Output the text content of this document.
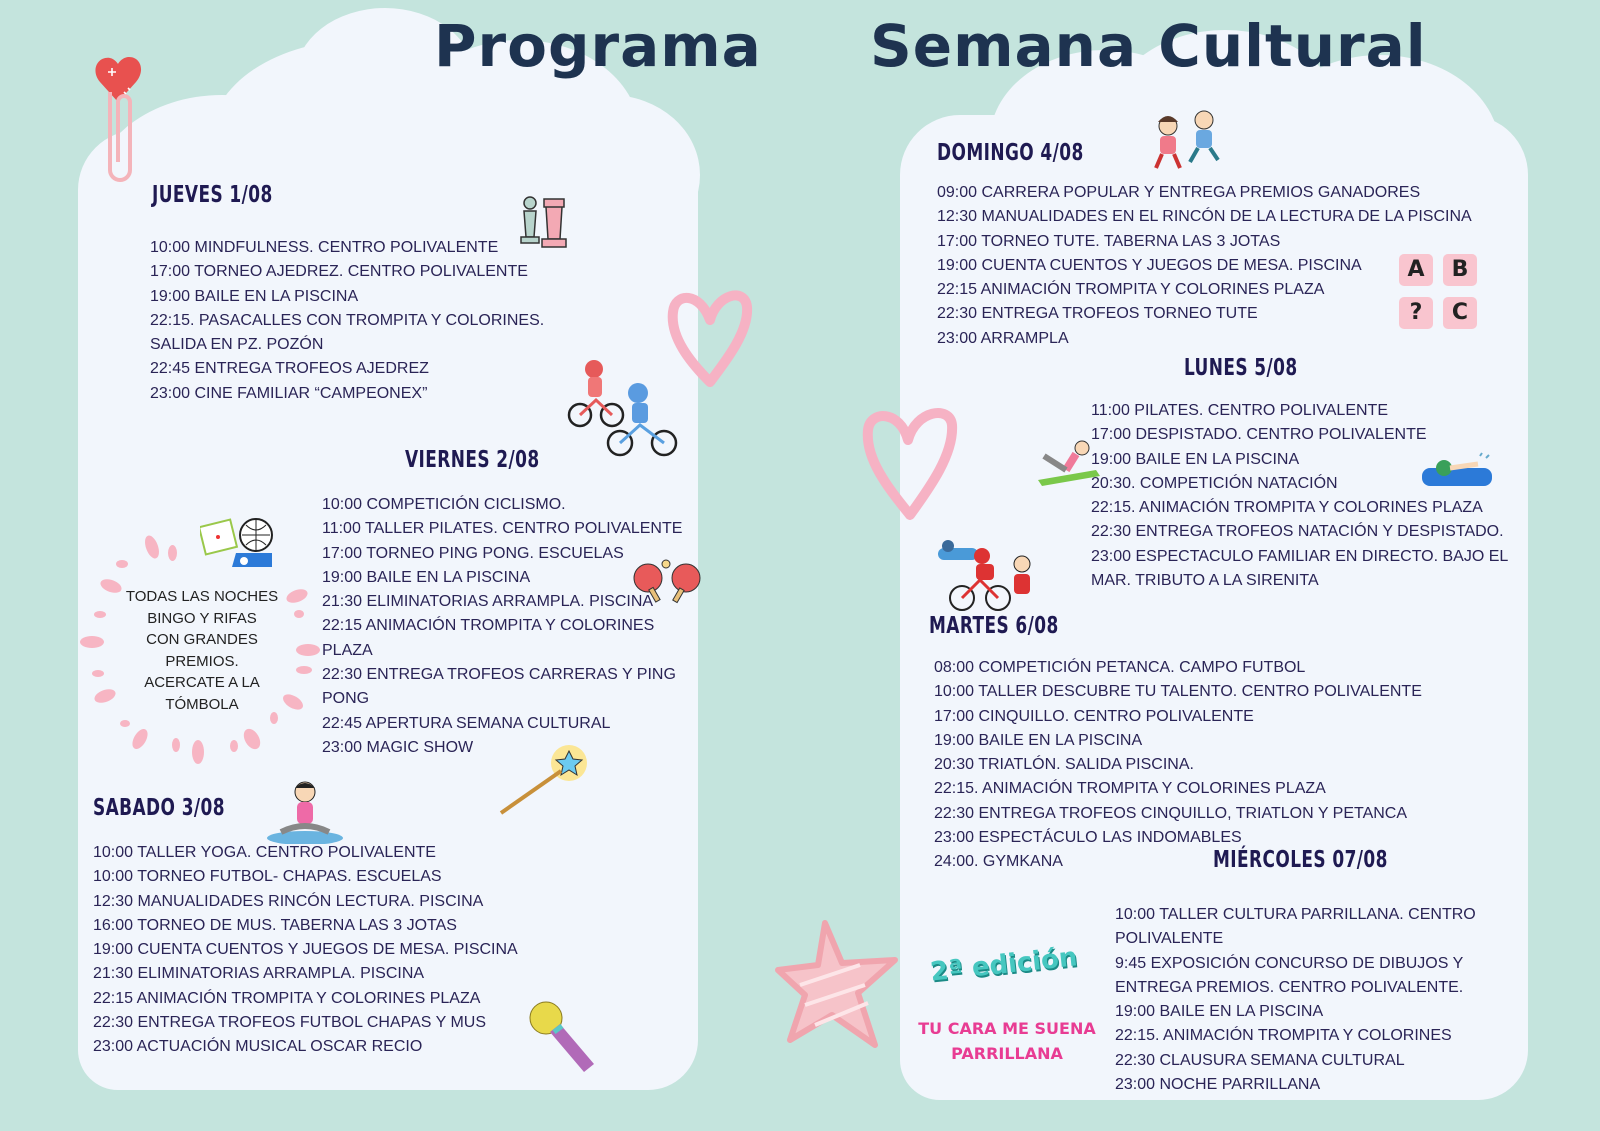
Programa Semana Cultural
JUEVES 1/08
10:00 MINDFULNESS. CENTRO POLIVALENTE
17:00 TORNEO AJEDREZ. CENTRO POLIVALENTE
19:00 BAILE EN LA PISCINA
22:15. PASACALLES CON TROMPITA Y COLORINES.
SALIDA EN PZ. POZÓN
22:45 ENTREGA TROFEOS AJEDREZ
23:00 CINE FAMILIAR “CAMPEONEX”
VIERNES 2/08
10:00 COMPETICIÓN CICLISMO.
11:00 TALLER PILATES. CENTRO POLIVALENTE
17:00 TORNEO PING PONG. ESCUELAS
19:00 BAILE EN LA PISCINA
21:30 ELIMINATORIAS ARRAMPLA. PISCINA
22:15 ANIMACIÓN TROMPITA Y COLORINES
PLAZA
22:30 ENTREGA TROFEOS CARRERAS Y PING
PONG
22:45 APERTURA SEMANA CULTURAL
23:00 MAGIC SHOW
TODAS LAS NOCHES
BINGO Y RIFAS
CON GRANDES
PREMIOS.
ACERCATE A LA
TÓMBOLA
SABADO 3/08
10:00 TALLER YOGA. CENTRO POLIVALENTE
10:00 TORNEO FUTBOL- CHAPAS. ESCUELAS
12:30 MANUALIDADES RINCÓN LECTURA. PISCINA
16:00 TORNEO DE MUS. TABERNA LAS 3 JOTAS
19:00 CUENTA CUENTOS Y JUEGOS DE MESA. PISCINA
21:30 ELIMINATORIAS ARRAMPLA. PISCINA
22:15 ANIMACIÓN TROMPITA Y COLORINES PLAZA
22:30 ENTREGA TROFEOS FUTBOL CHAPAS Y MUS
23:00 ACTUACIÓN MUSICAL OSCAR RECIO
DOMINGO 4/08
09:00 CARRERA POPULAR Y ENTREGA PREMIOS GANADORES
12:30 MANUALIDADES EN EL RINCÓN DE LA LECTURA DE LA PISCINA
17:00 TORNEO TUTE. TABERNA LAS 3 JOTAS
19:00 CUENTA CUENTOS Y JUEGOS DE MESA. PISCINA
22:15 ANIMACIÓN TROMPITA Y COLORINES PLAZA
22:30 ENTREGA TROFEOS TORNEO TUTE
23:00 ARRAMPLA
A	B
?	C
LUNES 5/08
11:00 PILATES. CENTRO POLIVALENTE
17:00 DESPISTADO. CENTRO POLIVALENTE
19:00 BAILE EN LA PISCINA
20:30. COMPETICIÓN NATACIÓN
22:15. ANIMACIÓN TROMPITA Y COLORINES PLAZA
22:30 ENTREGA TROFEOS NATACIÓN Y DESPISTADO.
23:00 ESPECTACULO FAMILIAR EN DIRECTO. BAJO EL
MAR. TRIBUTO A LA SIRENITA
MARTES 6/08
08:00 COMPETICIÓN PETANCA. CAMPO FUTBOL
10:00 TALLER DESCUBRE TU TALENTO. CENTRO POLIVALENTE
17:00 CINQUILLO. CENTRO POLIVALENTE
19:00 BAILE EN LA PISCINA
20:30 TRIATLÓN. SALIDA PISCINA.
22:15. ANIMACIÓN TROMPITA Y COLORINES PLAZA
22:30 ENTREGA TROFEOS CINQUILLO, TRIATLON Y PETANCA
23:00 ESPECTÁCULO LAS INDOMABLES
24:00. GYMKANA	MIÉRCOLES 07/08
10:00 TALLER CULTURA PARRILLANA. CENTRO
POLIVALENTE
9:45 EXPOSICIÓN CONCURSO DE DIBUJOS Y
ENTREGA PREMIOS. CENTRO POLIVALENTE.
19:00 BAILE EN LA PISCINA
22:15. ANIMACIÓN TROMPITA Y COLORINES
22:30 CLAUSURA SEMANA CULTURAL
23:00 NOCHE PARRILLANA
2ª edición
TU CARA ME SUENA
PARRILLANA
